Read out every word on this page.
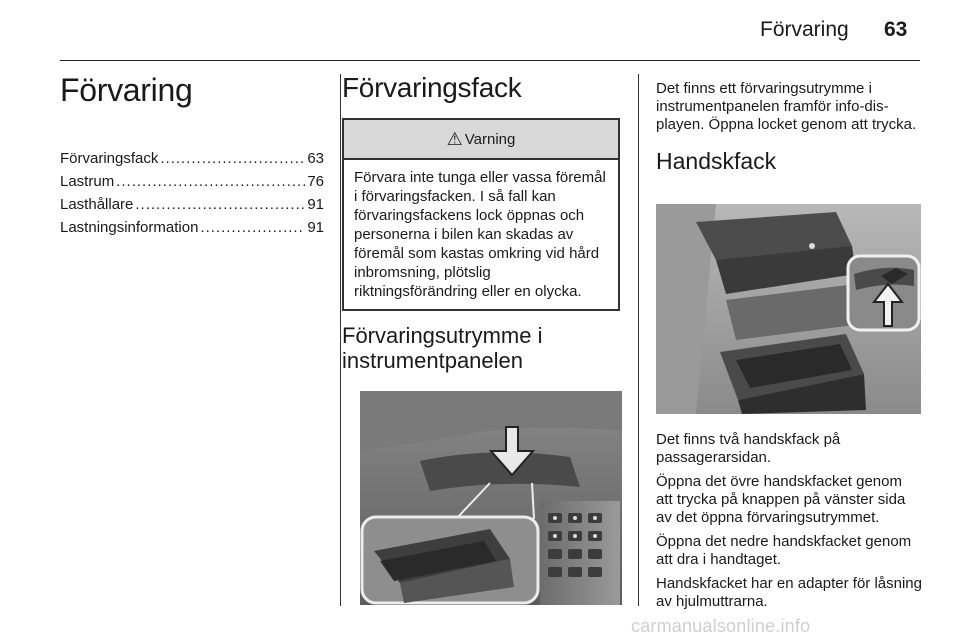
Förvaring 63
Förvaring
Förvaringsfack .....	63
Lastrum .....	76
Lasthållare .....	91
Lastningsinformation .....	91
Förvaringsfack
⚠ Varning
Förvara inte tunga eller vassa föremål i förvaringsfacken. I så fall kan förvaringsfackens lock öppnas och personerna i bilen kan skadas av föremål som kastas omkring vid hård inbromsning, plötslig riktningsförändring eller en olycka.
Förvaringsutrymme i instrumentpanelen

Det finns ett förvaringsutrymme i instrumentpanelen framför info-displayen. Öppna locket genom att trycka.

Handskfack

Det finns två handskfack på passagerarsidan.

Öppna det övre handskfacket genom att trycka på knappen på vänster sida av det öppna förvaringsutrymmet.

Öppna det nedre handskfacket genom att dra i handtaget.

Handskfacket har en adapter för låsning av hjulmuttrarna.

carmanualsonline.info
